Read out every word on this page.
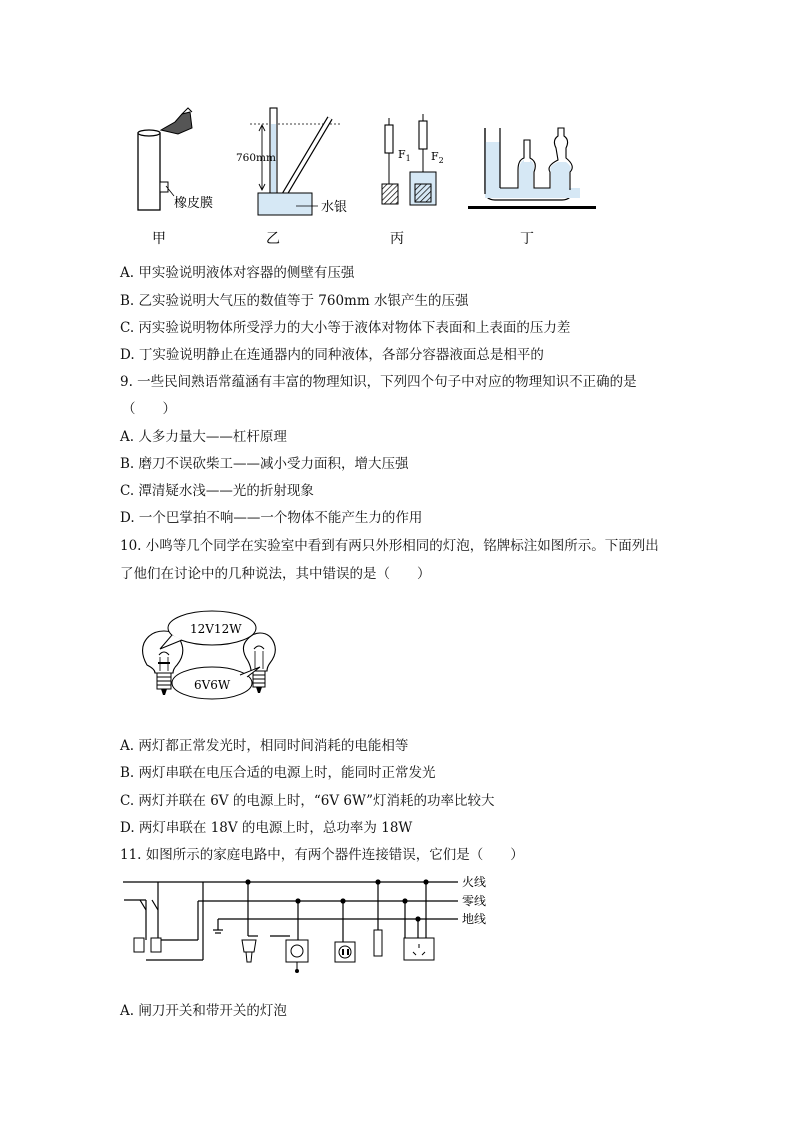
橡皮膜
760mm
水银
$F_1$ $F_2$
甲	乙	丙	丁
A. 甲实验说明液体对容器的侧壁有压强
B. 乙实验说明大气压的数值等于 760mm 水银产生的压强
C. 丙实验说明物体所受浮力的大小等于液体对物体下表面和上表面的压力差
D. 丁实验说明静止在连通器内的同种液体，各部分容器液面总是相平的
9. 一些民间熟语常蕴涵有丰富的物理知识，下列四个句子中对应的物理知识不正确的是
（　　）
A. 人多力量大——杠杆原理
B. 磨刀不误砍柴工——减小受力面积，增大压强
C. 潭清疑水浅——光的折射现象
D. 一个巴掌拍不响——一个物体不能产生力的作用
10. 小鸣等几个同学在实验室中看到有两只外形相同的灯泡，铭牌标注如图所示。下面列出
了他们在讨论中的几种说法，其中错误的是（　　）
12V12W
6V6W
A. 两灯都正常发光时，相同时间消耗的电能相等
B. 两灯串联在电压合适的电源上时，能同时正常发光
C. 两灯并联在 6V 的电源上时，“6V 6W”灯消耗的功率比较大
D. 两灯串联在 18V 的电源上时，总功率为 18W
11. 如图所示的家庭电路中，有两个器件连接错误，它们是（　　）
火线
零线
地线
A. 闸刀开关和带开关的灯泡
